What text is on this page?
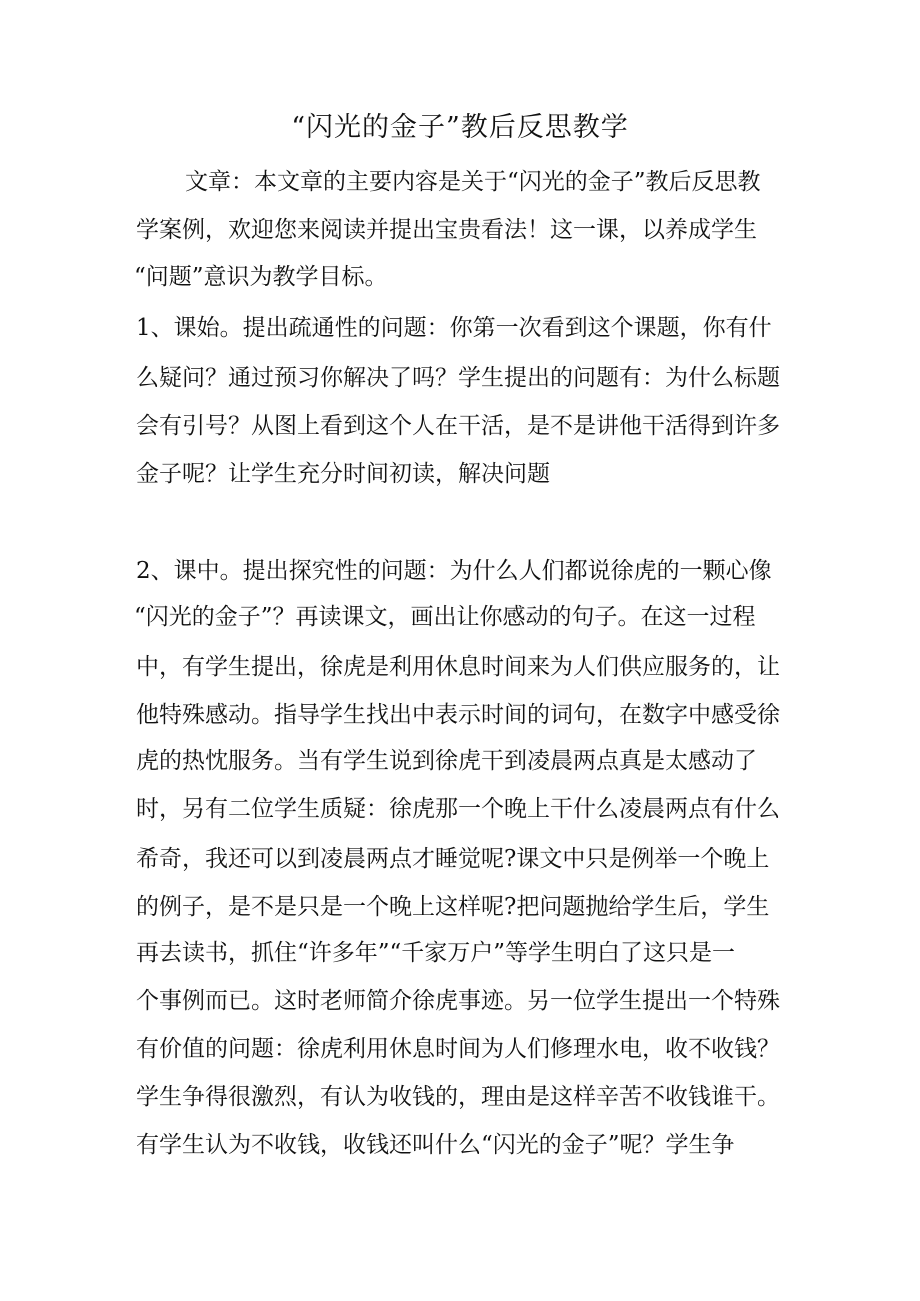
“闪光的金子”教后反思教学
文章：本文章的主要内容是关于“闪光的金子”教后反思教
学案例，欢迎您来阅读并提出宝贵看法！这一课，以养成学生
“问题”意识为教学目标。
1、课始。提出疏通性的问题：你第一次看到这个课题，你有什
么疑问？通过预习你解决了吗？学生提出的问题有：为什么标题
会有引号？从图上看到这个人在干活，是不是讲他干活得到许多
金子呢？让学生充分时间初读，解决问题
2、课中。提出探究性的问题：为什么人们都说徐虎的一颗心像
“闪光的金子”？再读课文，画出让你感动的句子。在这一过程
中，有学生提出，徐虎是利用休息时间来为人们供应服务的，让
他特殊感动。指导学生找出中表示时间的词句，在数字中感受徐
虎的热忱服务。当有学生说到徐虎干到凌晨两点真是太感动了
时，另有二位学生质疑：徐虎那一个晚上干什么凌晨两点有什么
希奇，我还可以到凌晨两点才睡觉呢?课文中只是例举一个晚上
的例子，是不是只是一个晚上这样呢?把问题抛给学生后，学生
再去读书，抓住“许多年”“千家万户”等学生明白了这只是一
个事例而已。这时老师简介徐虎事迹。另一位学生提出一个特殊
有价值的问题：徐虎利用休息时间为人们修理水电，收不收钱？
学生争得很激烈，有认为收钱的，理由是这样辛苦不收钱谁干。
有学生认为不收钱，收钱还叫什么“闪光的金子”呢？学生争
